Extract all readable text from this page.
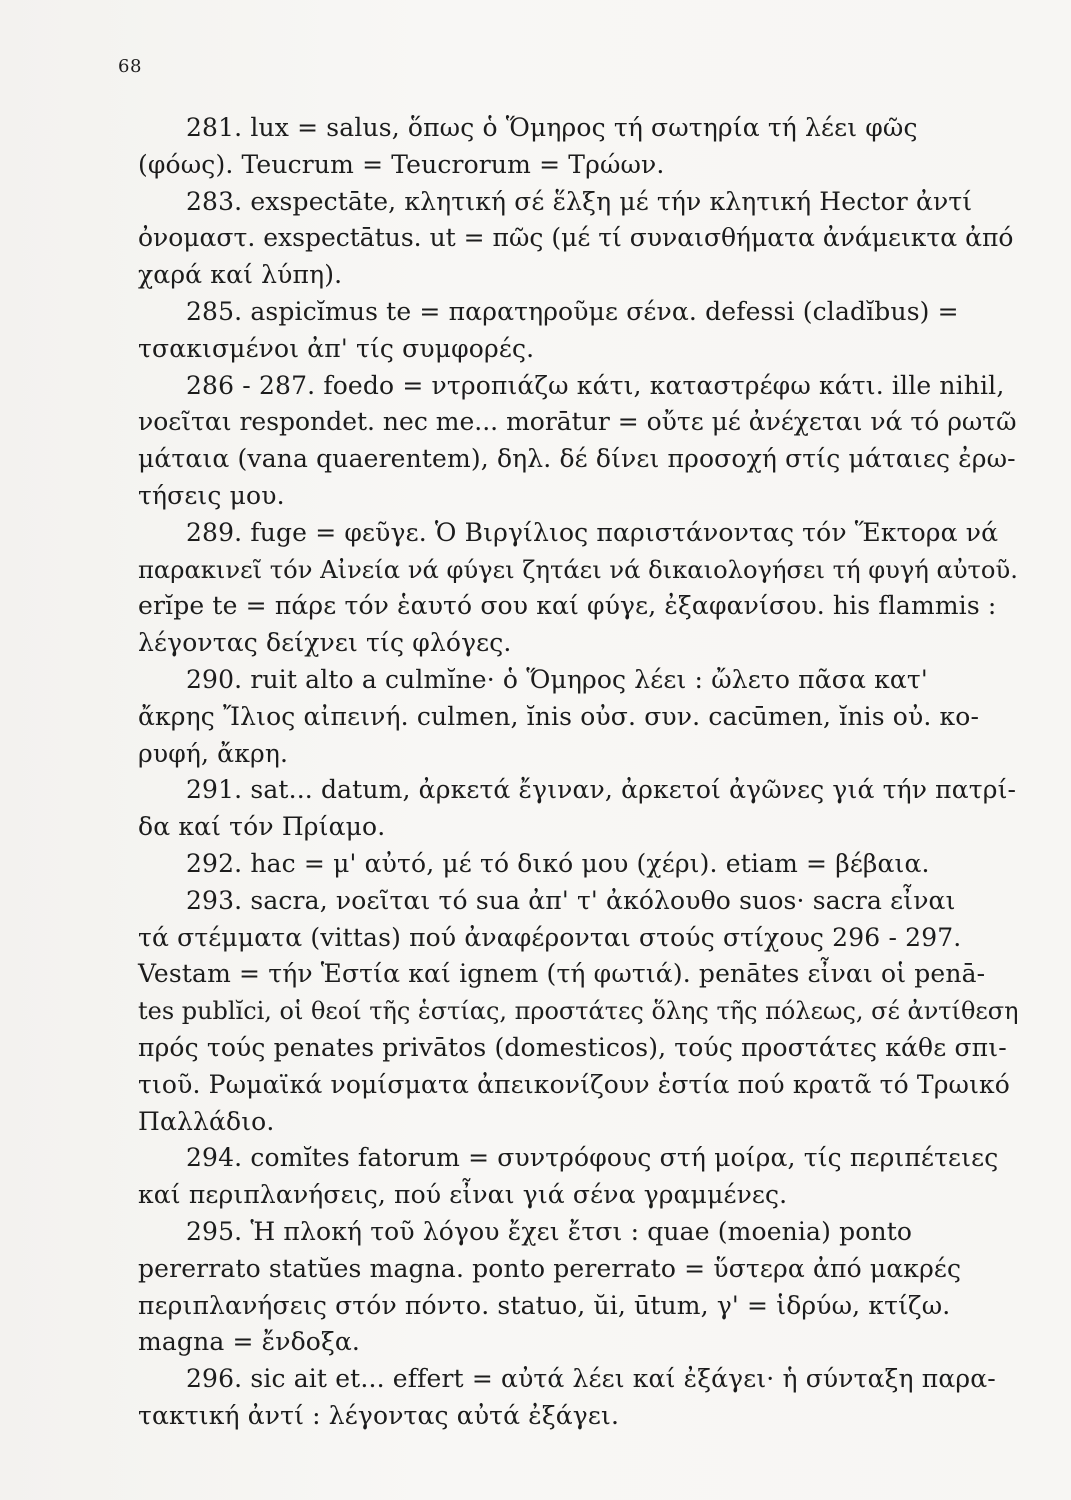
68
281. lux = salus, ὅπως ὁ Ὅμηρος τή σωτηρία τή λέει φῶς
(φόως). Teucrum = Teucrorum = Τρώων.
283. exspectāte, κλητική σέ ἕλξη μέ τήν κλητική Hector ἀντί
ὀνομαστ. exspectātus. ut = πῶς (μέ τί συναισθήματα ἀνάμεικτα ἀπό
χαρά καί λύπη).
285. aspicĭmus te = παρατηροῦμε σένα. defessi (cladĭbus) =
τσακισμένοι ἀπ' τίς συμφορές.
286 - 287. foedo = ντροπιάζω κάτι, καταστρέφω κάτι. ille nihil,
νοεῖται respondet. nec me... morātur = οὔτε μέ ἀνέχεται νά τό ρωτῶ
μάταια (vana quaerentem), δηλ. δέ δίνει προσοχή στίς μάταιες ἐρω-
τήσεις μου.
289. fuge = φεῦγε. Ὁ Βιργίλιος παριστάνοντας τόν Ἕκτορα νά
παρακινεῖ τόν Αἰνεία νά φύγει ζητάει νά δικαιολογήσει τή φυγή αὐτοῦ.
erĭpe te = πάρε τόν ἑαυτό σου καί φύγε, ἐξαφανίσου. his flammis :
λέγοντας δείχνει τίς φλόγες.
290. ruit alto a culmĭne· ὁ Ὅμηρος λέει : ὤλετο πᾶσα κατ'
ἄκρης Ἴλιος αἰπεινή. culmen, ĭnis οὐσ. συν. cacūmen, ĭnis οὐ. κο-
ρυφή, ἄκρη.
291. sat... datum, ἀρκετά ἔγιναν, ἀρκετοί ἀγῶνες γιά τήν πατρί-
δα καί τόν Πρίαμο.
292. hac = μ' αὐτό, μέ τό δικό μου (χέρι). etiam = βέβαια.
293. sacra, νοεῖται τό sua ἀπ' τ' ἀκόλουθο suos· sacra εἶναι
τά στέμματα (vittas) πού ἀναφέρονται στούς στίχους 296 - 297.
Vestam = τήν Ἑστία καί ignem (τή φωτιά). penātes εἶναι οἱ penā-
tes publĭci, οἱ θεοί τῆς ἑστίας, προστάτες ὅλης τῆς πόλεως, σέ ἀντίθεση
πρός τούς penates privātos (domesticos), τούς προστάτες κάθε σπι-
τιοῦ. Ρωμαϊκά νομίσματα ἀπεικονίζουν ἑστία πού κρατᾶ τό Τρωικό
Παλλάδιο.
294. comĭtes fatorum = συντρόφους στή μοίρα, τίς περιπέτειες
καί περιπλανήσεις, πού εἶναι γιά σένα γραμμένες.
295. Ἡ πλοκή τοῦ λόγου ἔχει ἔτσι : quae (moenia) ponto
pererrato statŭes magna. ponto pererrato = ὕστερα ἀπό μακρές
περιπλανήσεις στόν πόντο. statuo, ŭi, ūtum, γ' = ἱδρύω, κτίζω.
magna = ἔνδοξα.
296. sic ait et... effert = αὐτά λέει καί ἐξάγει· ἡ σύνταξη παρα-
τακτική ἀντί : λέγοντας αὐτά ἐξάγει.
